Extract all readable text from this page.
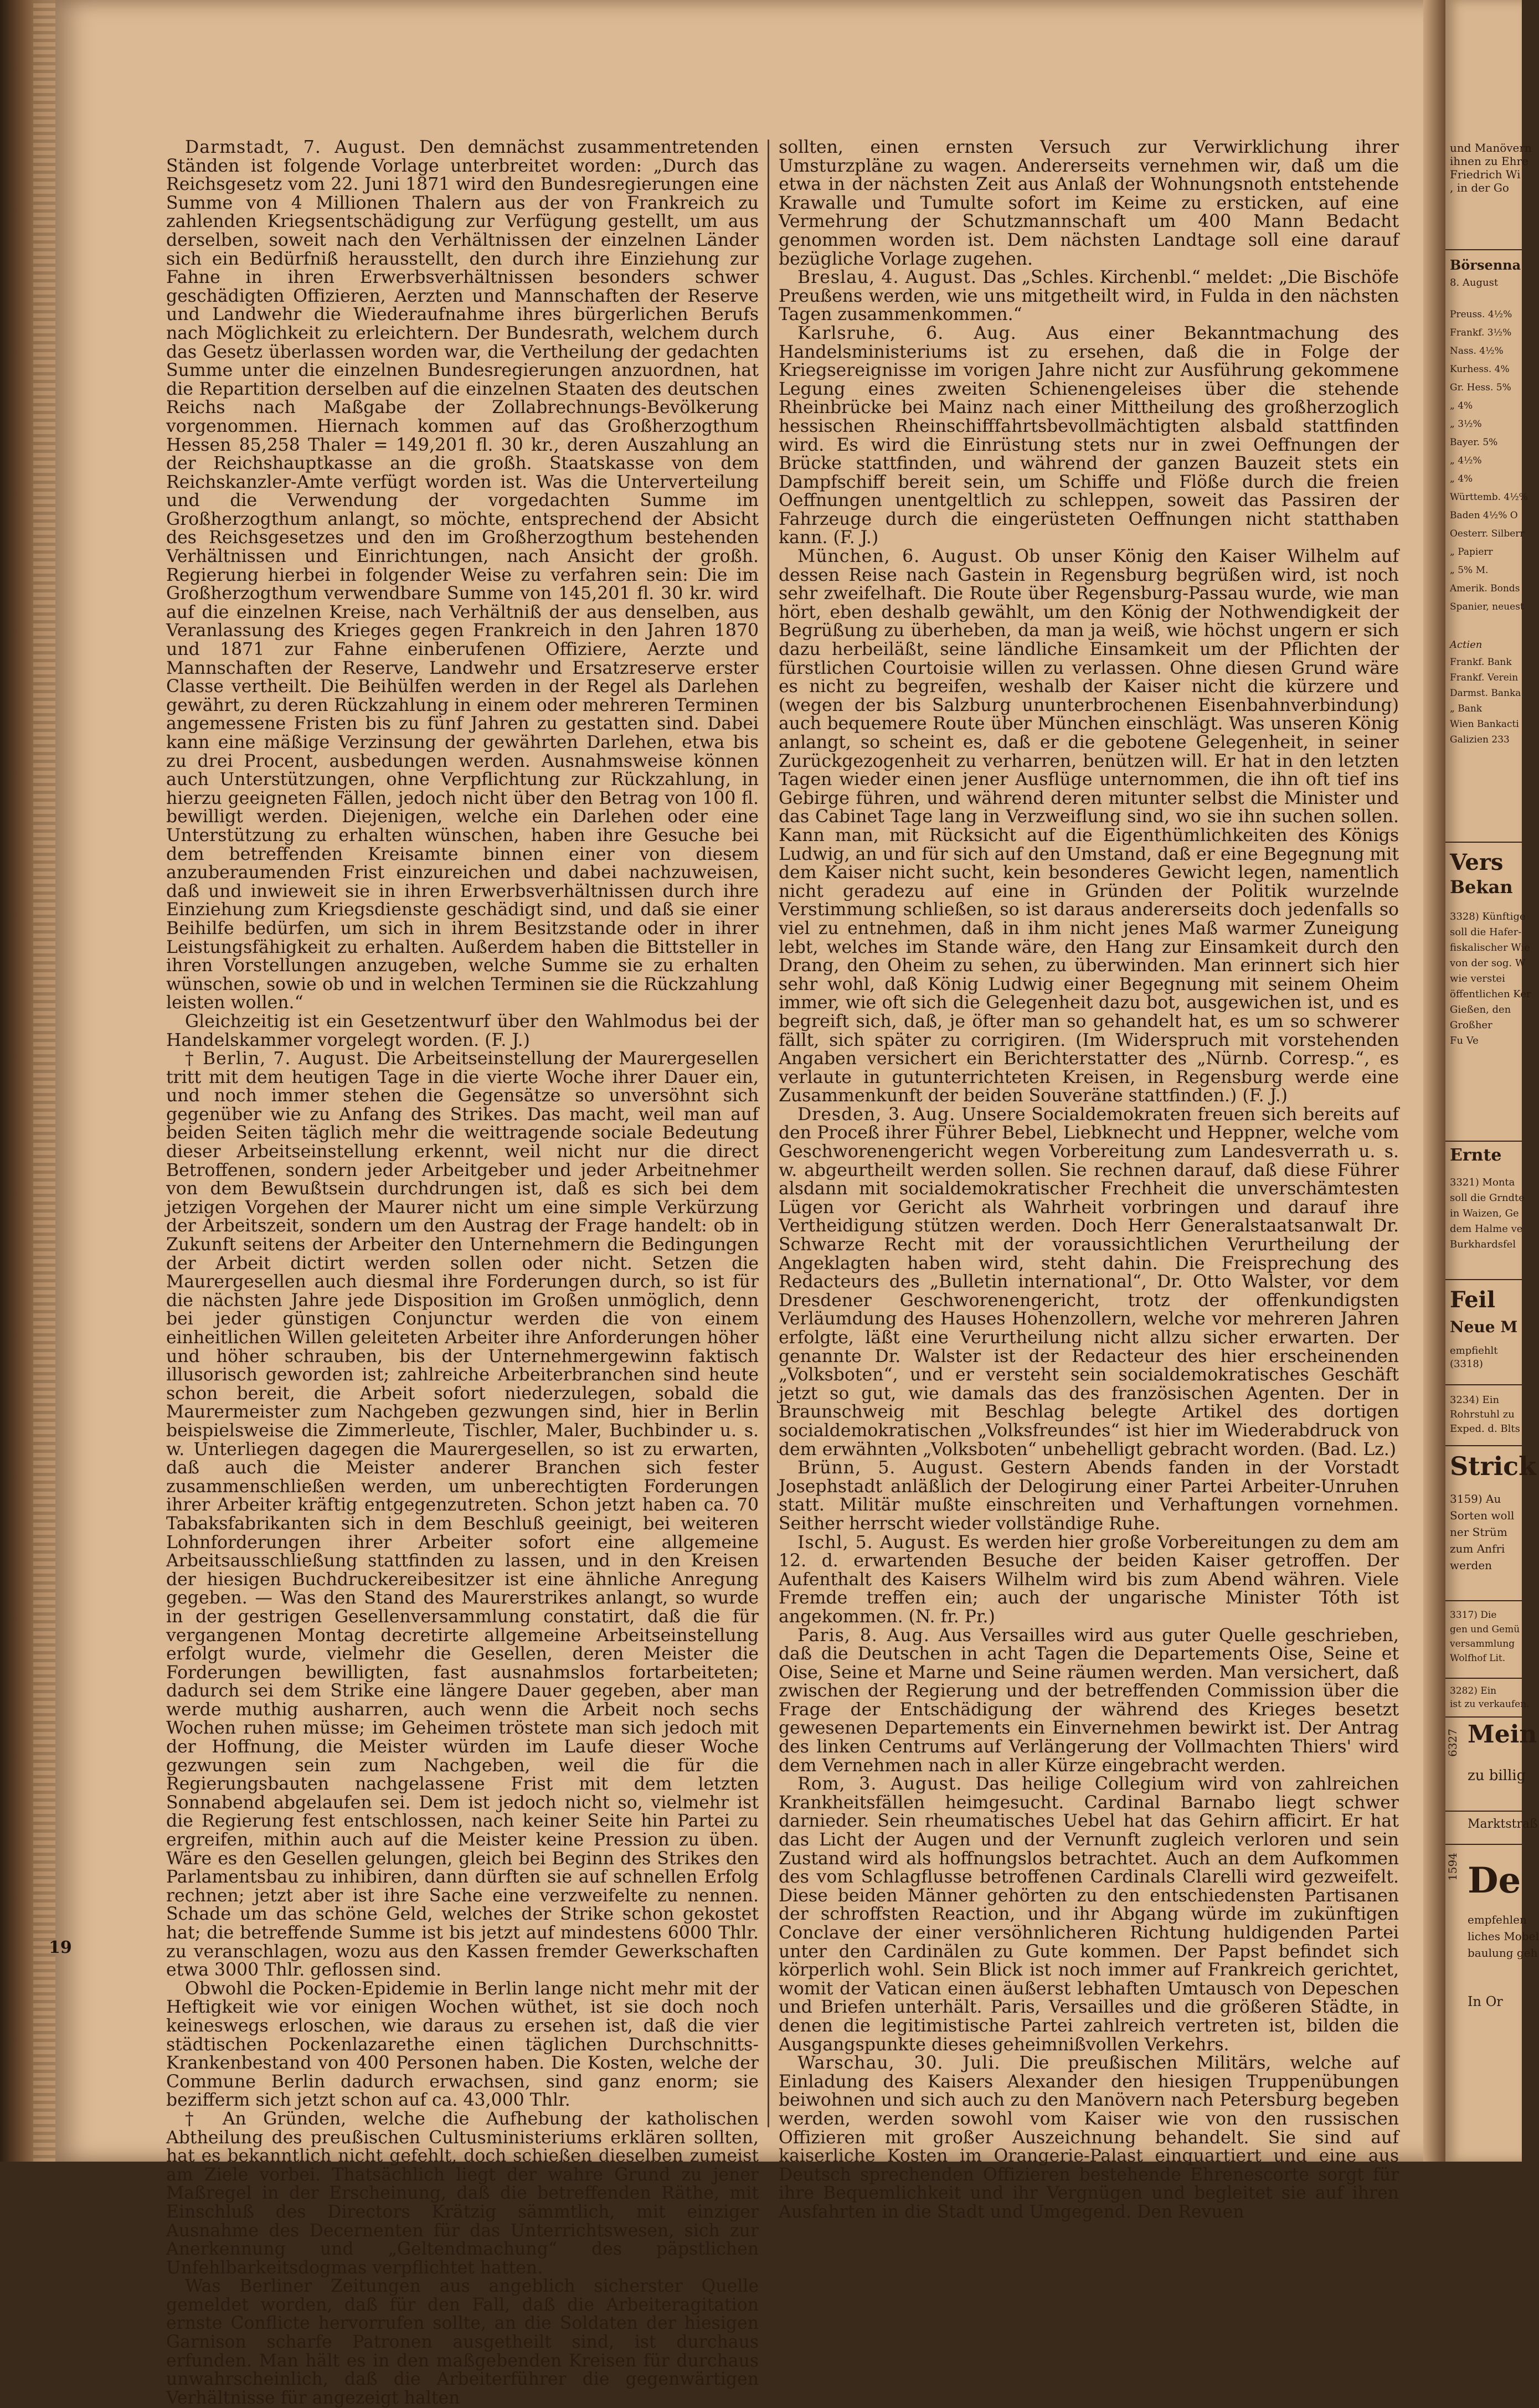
19

Darmstadt, 7. August. Den demnächst zusammentretenden Ständen ist folgende Vorlage unterbreitet worden: „Durch das Reichsgesetz vom 22. Juni 1871 wird den Bundesregierungen eine Summe von 4 Millionen Thalern aus der von Frankreich zu zahlenden Kriegsentschädigung zur Verfügung gestellt, um aus derselben, soweit nach den Verhältnissen der einzelnen Länder sich ein Bedürfniß herausstellt, den durch ihre Einziehung zur Fahne in ihren Erwerbsverhältnissen besonders schwer geschädigten Offizieren, Aerzten und Mannschaften der Reserve und Landwehr die Wiederaufnahme ihres bürgerlichen Berufs nach Möglichkeit zu erleichtern. Der Bundesrath, welchem durch das Gesetz überlassen worden war, die Vertheilung der gedachten Summe unter die einzelnen Bundesregierungen anzuordnen, hat die Repartition derselben auf die einzelnen Staaten des deutschen Reichs nach Maßgabe der Zollabrechnungs-Bevölkerung vorgenommen. Hiernach kommen auf das Großherzogthum Hessen 85,258 Thaler = 149,201 fl. 30 kr., deren Auszahlung an der Reichshauptkasse an die großh. Staatskasse von dem Reichskanzler-Amte verfügt worden ist. Was die Unterverteilung und die Verwendung der vorgedachten Summe im Großherzogthum anlangt, so möchte, entsprechend der Absicht des Reichsgesetzes und den im Großherzogthum bestehenden Verhältnissen und Einrichtungen, nach Ansicht der großh. Regierung hierbei in folgender Weise zu verfahren sein: Die im Großherzogthum verwendbare Summe von 145,201 fl. 30 kr. wird auf die einzelnen Kreise, nach Verhältniß der aus denselben, aus Veranlassung des Krieges gegen Frankreich in den Jahren 1870 und 1871 zur Fahne einberufenen Offiziere, Aerzte und Mannschaften der Reserve, Landwehr und Ersatzreserve erster Classe vertheilt. Die Beihülfen werden in der Regel als Darlehen gewährt, zu deren Rückzahlung in einem oder mehreren Terminen angemessene Fristen bis zu fünf Jahren zu gestatten sind. Dabei kann eine mäßige Verzinsung der gewährten Darlehen, etwa bis zu drei Procent, ausbedungen werden. Ausnahmsweise können auch Unterstützungen, ohne Verpflichtung zur Rückzahlung, in hierzu geeigneten Fällen, jedoch nicht über den Betrag von 100 fl. bewilligt werden. Diejenigen, welche ein Darlehen oder eine Unterstützung zu erhalten wünschen, haben ihre Gesuche bei dem betreffenden Kreisamte binnen einer von diesem anzuberaumenden Frist einzureichen und dabei nachzuweisen, daß und inwieweit sie in ihren Erwerbsverhältnissen durch ihre Einziehung zum Kriegsdienste geschädigt sind, und daß sie einer Beihilfe bedürfen, um sich in ihrem Besitzstande oder in ihrer Leistungsfähigkeit zu erhalten. Außerdem haben die Bittsteller in ihren Vorstellungen anzugeben, welche Summe sie zu erhalten wünschen, sowie ob und in welchen Terminen sie die Rückzahlung leisten wollen.“

Gleichzeitig ist ein Gesetzentwurf über den Wahlmodus bei der Handelskammer vorgelegt worden. (F. J.)

† Berlin, 7. August. Die Arbeitseinstellung der Maurergesellen tritt mit dem heutigen Tage in die vierte Woche ihrer Dauer ein, und noch immer stehen die Gegensätze so unversöhnt sich gegenüber wie zu Anfang des Strikes. Das macht, weil man auf beiden Seiten täglich mehr die weittragende sociale Bedeutung dieser Arbeitseinstellung erkennt, weil nicht nur die direct Betroffenen, sondern jeder Arbeitgeber und jeder Arbeitnehmer von dem Bewußtsein durchdrungen ist, daß es sich bei dem jetzigen Vorgehen der Maurer nicht um eine simple Verkürzung der Arbeitszeit, sondern um den Austrag der Frage handelt: ob in Zukunft seitens der Arbeiter den Unternehmern die Bedingungen der Arbeit dictirt werden sollen oder nicht. Setzen die Maurergesellen auch diesmal ihre Forderungen durch, so ist für die nächsten Jahre jede Disposition im Großen unmöglich, denn bei jeder günstigen Conjunctur werden die von einem einheitlichen Willen geleiteten Arbeiter ihre Anforderungen höher und höher schrauben, bis der Unternehmergewinn faktisch illusorisch geworden ist; zahlreiche Arbeiterbranchen sind heute schon bereit, die Arbeit sofort niederzulegen, sobald die Maurermeister zum Nachgeben gezwungen sind, hier in Berlin beispielsweise die Zimmerleute, Tischler, Maler, Buchbinder u. s. w. Unterliegen dagegen die Maurergesellen, so ist zu erwarten, daß auch die Meister anderer Branchen sich fester zusammenschließen werden, um unberechtigten Forderungen ihrer Arbeiter kräftig entgegenzutreten. Schon jetzt haben ca. 70 Tabaksfabrikanten sich in dem Beschluß geeinigt, bei weiteren Lohnforderungen ihrer Arbeiter sofort eine allgemeine Arbeitsausschließung stattfinden zu lassen, und in den Kreisen der hiesigen Buchdruckereibesitzer ist eine ähnliche Anregung gegeben. — Was den Stand des Maurerstrikes anlangt, so wurde in der gestrigen Gesellenversammlung constatirt, daß die für vergangenen Montag decretirte allgemeine Arbeitseinstellung erfolgt wurde, vielmehr die Gesellen, deren Meister die Forderungen bewilligten, fast ausnahmslos fortarbeiteten; dadurch sei dem Strike eine längere Dauer gegeben, aber man werde muthig ausharren, auch wenn die Arbeit noch sechs Wochen ruhen müsse; im Geheimen tröstete man sich jedoch mit der Hoffnung, die Meister würden im Laufe dieser Woche gezwungen sein zum Nachgeben, weil die für die Regierungsbauten nachgelassene Frist mit dem letzten Sonnabend abgelaufen sei. Dem ist jedoch nicht so, vielmehr ist die Regierung fest entschlossen, nach keiner Seite hin Partei zu ergreifen, mithin auch auf die Meister keine Pression zu üben. Wäre es den Gesellen gelungen, gleich bei Beginn des Strikes den Parlamentsbau zu inhibiren, dann dürften sie auf schnellen Erfolg rechnen; jetzt aber ist ihre Sache eine verzweifelte zu nennen. Schade um das schöne Geld, welches der Strike schon gekostet hat; die betreffende Summe ist bis jetzt auf mindestens 6000 Thlr. zu veranschlagen, wozu aus den Kassen fremder Gewerkschaften etwa 3000 Thlr. geflossen sind.

Obwohl die Pocken-Epidemie in Berlin lange nicht mehr mit der Heftigkeit wie vor einigen Wochen wüthet, ist sie doch noch keineswegs erloschen, wie daraus zu ersehen ist, daß die vier städtischen Pockenlazarethe einen täglichen Durchschnitts-Krankenbestand von 400 Personen haben. Die Kosten, welche der Commune Berlin dadurch erwachsen, sind ganz enorm; sie bezifferm sich jetzt schon auf ca. 43,000 Thlr.

† An Gründen, welche die Aufhebung der katholischen Abtheilung des preußischen Cultusministeriums erklären sollten, hat es bekanntlich nicht gefehlt, doch schießen dieselben zumeist am Ziele vorbei. Thatsächlich liegt der wahre Grund zu jener Maßregel in der Erscheinung, daß die betreffenden Räthe, mit Einschluß des Directors Krätzig sämmtlich, mit einziger Ausnahme des Decernenten für das Unterrichtswesen, sich zur Anerkennung und „Geltendmachung“ des päpstlichen Unfehlbarkeitsdogmas verpflichtet hatten.

Was Berliner Zeitungen aus angeblich sicherster Quelle gemeldet worden, daß für den Fall, daß die Arbeiteragitation ernste Conflicte hervorrufen sollte, an die Soldaten der hiesigen Garnison scharfe Patronen ausgetheilt sind, ist durchaus erfunden. Man hält es in den maßgebenden Kreisen für durchaus unwahrscheinlich, daß die Arbeiterführer die gegenwärtigen Verhältnisse für angezeigt halten

sollten, einen ernsten Versuch zur Verwirklichung ihrer Umsturzpläne zu wagen. Andererseits vernehmen wir, daß um die etwa in der nächsten Zeit aus Anlaß der Wohnungsnoth entstehende Krawalle und Tumulte sofort im Keime zu ersticken, auf eine Vermehrung der Schutzmannschaft um 400 Mann Bedacht genommen worden ist. Dem nächsten Landtage soll eine darauf bezügliche Vorlage zugehen.

Breslau, 4. August. Das „Schles. Kirchenbl.“ meldet: „Die Bischöfe Preußens werden, wie uns mitgetheilt wird, in Fulda in den nächsten Tagen zusammenkommen.“

Karlsruhe, 6. Aug. Aus einer Bekanntmachung des Handelsministeriums ist zu ersehen, daß die in Folge der Kriegsereignisse im vorigen Jahre nicht zur Ausführung gekommene Legung eines zweiten Schienengeleises über die stehende Rheinbrücke bei Mainz nach einer Mittheilung des großherzoglich hessischen Rheinschifffahrtsbevollmächtigten alsbald stattfinden wird. Es wird die Einrüstung stets nur in zwei Oeffnungen der Brücke stattfinden, und während der ganzen Bauzeit stets ein Dampfschiff bereit sein, um Schiffe und Flöße durch die freien Oeffnungen unentgeltlich zu schleppen, soweit das Passiren der Fahrzeuge durch die eingerüsteten Oeffnungen nicht statthaben kann. (F. J.)

München, 6. August. Ob unser König den Kaiser Wilhelm auf dessen Reise nach Gastein in Regensburg begrüßen wird, ist noch sehr zweifelhaft. Die Route über Regensburg-Passau wurde, wie man hört, eben deshalb gewählt, um den König der Nothwendigkeit der Begrüßung zu überheben, da man ja weiß, wie höchst ungern er sich dazu herbeiläßt, seine ländliche Einsamkeit um der Pflichten der fürstlichen Courtoisie willen zu verlassen. Ohne diesen Grund wäre es nicht zu begreifen, weshalb der Kaiser nicht die kürzere und (wegen der bis Salzburg ununterbrochenen Eisenbahnverbindung) auch bequemere Route über München einschlägt. Was unseren König anlangt, so scheint es, daß er die gebotene Gelegenheit, in seiner Zurückgezogenheit zu verharren, benützen will. Er hat in den letzten Tagen wieder einen jener Ausflüge unternommen, die ihn oft tief ins Gebirge führen, und während deren mitunter selbst die Minister und das Cabinet Tage lang in Verzweiflung sind, wo sie ihn suchen sollen. Kann man, mit Rücksicht auf die Eigenthümlichkeiten des Königs Ludwig, an und für sich auf den Umstand, daß er eine Begegnung mit dem Kaiser nicht sucht, kein besonderes Gewicht legen, namentlich nicht geradezu auf eine in Gründen der Politik wurzelnde Verstimmung schließen, so ist daraus andererseits doch jedenfalls so viel zu entnehmen, daß in ihm nicht jenes Maß warmer Zuneigung lebt, welches im Stande wäre, den Hang zur Einsamkeit durch den Drang, den Oheim zu sehen, zu überwinden. Man erinnert sich hier sehr wohl, daß König Ludwig einer Begegnung mit seinem Oheim immer, wie oft sich die Gelegenheit dazu bot, ausgewichen ist, und es begreift sich, daß, je öfter man so gehandelt hat, es um so schwerer fällt, sich später zu corrigiren. (Im Widerspruch mit vorstehenden Angaben versichert ein Berichterstatter des „Nürnb. Corresp.“, es verlaute in gutunterrichteten Kreisen, in Regensburg werde eine Zusammenkunft der beiden Souveräne stattfinden.) (F. J.)

Dresden, 3. Aug. Unsere Socialdemokraten freuen sich bereits auf den Proceß ihrer Führer Bebel, Liebknecht und Heppner, welche vom Geschworenengericht wegen Vorbereitung zum Landesverrath u. s. w. abgeurtheilt werden sollen. Sie rechnen darauf, daß diese Führer alsdann mit socialdemokratischer Frechheit die unverschämtesten Lügen vor Gericht als Wahrheit vorbringen und darauf ihre Vertheidigung stützen werden. Doch Herr Generalstaatsanwalt Dr. Schwarze Recht mit der voraussichtlichen Verurtheilung der Angeklagten haben wird, steht dahin. Die Freisprechung des Redacteurs des „Bulletin international“, Dr. Otto Walster, vor dem Dresdener Geschworenengericht, trotz der offenkundigsten Verläumdung des Hauses Hohenzollern, welche vor mehreren Jahren erfolgte, läßt eine Verurtheilung nicht allzu sicher erwarten. Der genannte Dr. Walster ist der Redacteur des hier erscheinenden „Volksboten“, und er versteht sein socialdemokratisches Geschäft jetzt so gut, wie damals das des französischen Agenten. Der in Braunschweig mit Beschlag belegte Artikel des dortigen socialdemokratischen „Volksfreundes“ ist hier im Wiederabdruck von dem erwähnten „Volksboten“ unbehelligt gebracht worden. (Bad. Lz.)

Brünn, 5. August. Gestern Abends fanden in der Vorstadt Josephstadt anläßlich der Delogirung einer Partei Arbeiter-Unruhen statt. Militär mußte einschreiten und Verhaftungen vornehmen. Seither herrscht wieder vollständige Ruhe.

Ischl, 5. August. Es werden hier große Vorbereitungen zu dem am 12. d. erwartenden Besuche der beiden Kaiser getroffen. Der Aufenthalt des Kaisers Wilhelm wird bis zum Abend währen. Viele Fremde treffen ein; auch der ungarische Minister Tóth ist angekommen. (N. fr. Pr.)

Paris, 8. Aug. Aus Versailles wird aus guter Quelle geschrieben, daß die Deutschen in acht Tagen die Departements Oise, Seine et Oise, Seine et Marne und Seine räumen werden. Man versichert, daß zwischen der Regierung und der betreffenden Commission über die Frage der Entschädigung der während des Krieges besetzt gewesenen Departements ein Einvernehmen bewirkt ist. Der Antrag des linken Centrums auf Verlängerung der Vollmachten Thiers' wird dem Vernehmen nach in aller Kürze eingebracht werden.

Rom, 3. August. Das heilige Collegium wird von zahlreichen Krankheitsfällen heimgesucht. Cardinal Barnabo liegt schwer darnieder. Sein rheumatisches Uebel hat das Gehirn afficirt. Er hat das Licht der Augen und der Vernunft zugleich verloren und sein Zustand wird als hoffnungslos betrachtet. Auch an dem Aufkommen des vom Schlagflusse betroffenen Cardinals Clarelli wird gezweifelt. Diese beiden Männer gehörten zu den entschiedensten Partisanen der schroffsten Reaction, und ihr Abgang würde im zukünftigen Conclave der einer versöhnlicheren Richtung huldigenden Partei unter den Cardinälen zu Gute kommen. Der Papst befindet sich körperlich wohl. Sein Blick ist noch immer auf Frankreich gerichtet, womit der Vatican einen äußerst lebhaften Umtausch von Depeschen und Briefen unterhält. Paris, Versailles und die größeren Städte, in denen die legitimistische Partei zahlreich vertreten ist, bilden die Ausgangspunkte dieses geheimnißvollen Verkehrs.

Warschau, 30. Juli. Die preußischen Militärs, welche auf Einladung des Kaisers Alexander den hiesigen Truppenübungen beiwohnen und sich auch zu den Manövern nach Petersburg begeben werden, werden sowohl vom Kaiser wie von den russischen Offizieren mit großer Auszeichnung behandelt. Sie sind auf kaiserliche Kosten im Orangerie-Palast einquartiert und eine aus Deutsch sprechenden Offizieren bestehende Ehrenescorte sorgt für ihre Bequemlichkeit und ihr Vergnügen und begleitet sie auf ihren Ausfahrten in die Stadt und Umgegend. Den Revuen

und Manövern
ihnen zu Ehre
Friedrich Wi
, in der Go
Börsenna
8. August
Preuss. 4½%
Frankf. 3½%
Nass. 4½%
Kurhess. 4%
Gr. Hess. 5%
„ 4%
„ 3½%
Bayer. 5%
„ 4½%
„ 4%
Württemb. 4½%
Baden 4½% O
Oesterr. Silberr
„ Papierr
„ 5% M.
Amerik. Bonds
Spanier, neuest
Actien
Frankf. Bank
Frankf. Verein
Darmst. Banka
„ Bank
Wien Bankacti
Galizien 233
Vers
Bekan
3328) Künftige
soll die Hafer-
fiskalischer Wie
von der sog. W
wie verstei
öffentlichen Ker
Gießen, den
Großher
Fu Ve
Ernte
3321) Monta
soll die Grndte
in Waizen, Ge
dem Halme ve
Burkhardsfel
Feil
Neue M
empfiehlt
(3318)
3234) Ein
Rohrstuhl zu
Exped. d. Blts
Strick
3159) Au
Sorten woll
ner Strüm
zum Anfri
werden
3317) Die
gen und Gemü
versammlung
Wolfhof Lit.
3282) Ein
ist zu verkaufen.
Mein
zu billig
6327
Marktstraß
1594 De
empfehlen
liches Mobel
baulung geh
In Or
